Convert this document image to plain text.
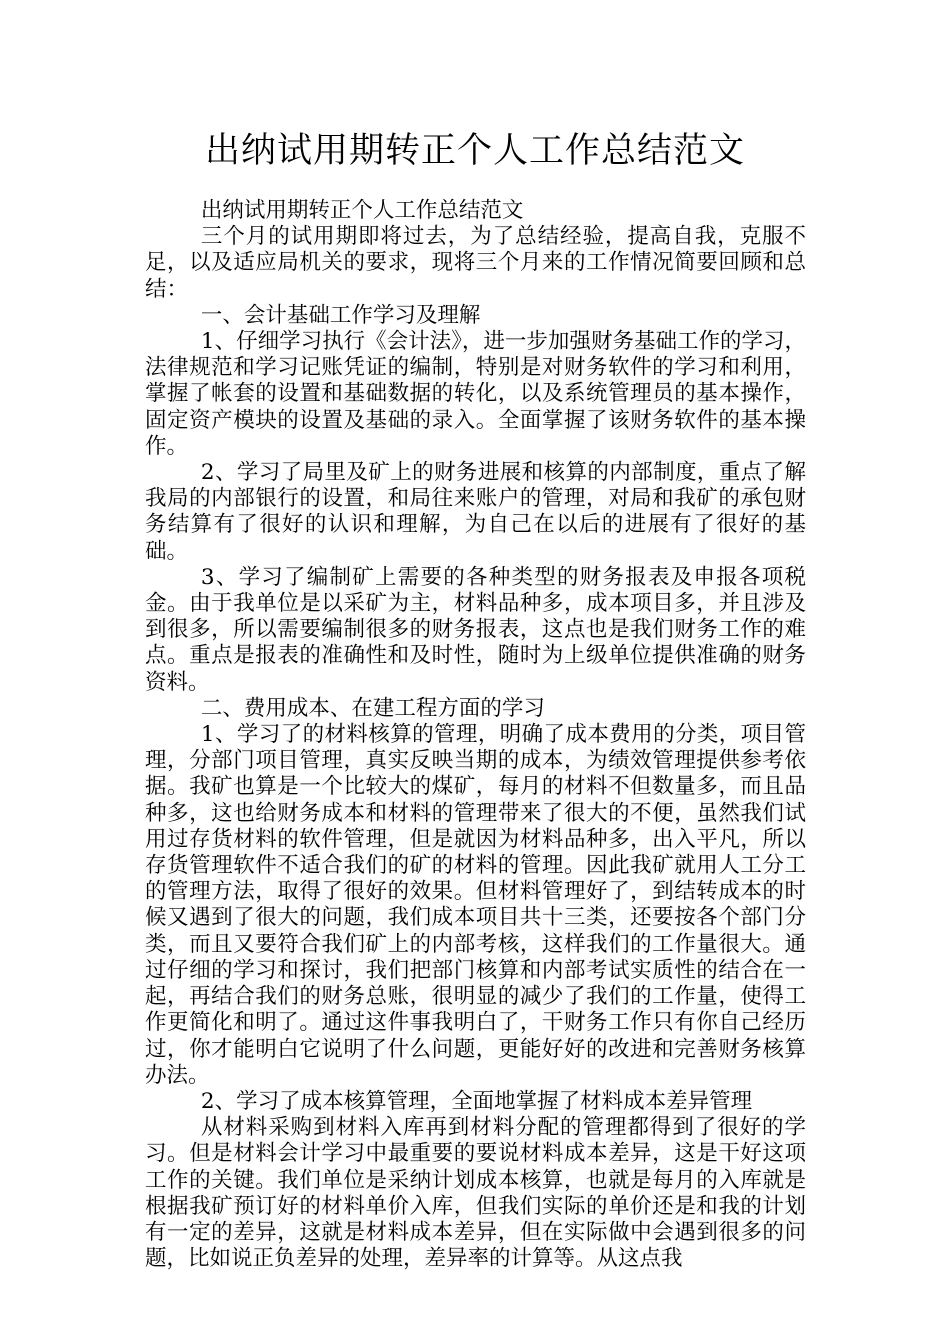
出纳试用期转正个人工作总结范文

出纳试用期转正个人工作总结范文

三个月的试用期即将过去，为了总结经验，提高自我，克服不足，以及适应局机关的要求，现将三个月来的工作情况简要回顾和总结：

一、会计基础工作学习及理解

1、仔细学习执行《会计法》，进一步加强财务基础工作的学习，法律规范和学习记账凭证的编制，特别是对财务软件的学习和利用，掌握了帐套的设置和基础数据的转化，以及系统管理员的基本操作，固定资产模块的设置及基础的录入。全面掌握了该财务软件的基本操作。

2、学习了局里及矿上的财务进展和核算的内部制度，重点了解我局的内部银行的设置，和局往来账户的管理，对局和我矿的承包财务结算有了很好的认识和理解，为自己在以后的进展有了很好的基础。

3、学习了编制矿上需要的各种类型的财务报表及申报各项税金。由于我单位是以采矿为主，材料品种多，成本项目多，并且涉及到很多，所以需要编制很多的财务报表，这点也是我们财务工作的难点。重点是报表的准确性和及时性，随时为上级单位提供准确的财务资料。

二、费用成本、在建工程方面的学习

1、学习了的材料核算的管理，明确了成本费用的分类，项目管理，分部门项目管理，真实反映当期的成本，为绩效管理提供参考依据。我矿也算是一个比较大的煤矿，每月的材料不但数量多，而且品种多，这也给财务成本和材料的管理带来了很大的不便，虽然我们试用过存货材料的软件管理，但是就因为材料品种多，出入平凡，所以存货管理软件不适合我们的矿的材料的管理。因此我矿就用人工分工的管理方法，取得了很好的效果。但材料管理好了，到结转成本的时候又遇到了很大的问题，我们成本项目共十三类，还要按各个部门分类，而且又要符合我们矿上的内部考核，这样我们的工作量很大。通过仔细的学习和探讨，我们把部门核算和内部考试实质性的结合在一起，再结合我们的财务总账，很明显的减少了我们的工作量，使得工作更简化和明了。通过这件事我明白了，干财务工作只有你自己经历过，你才能明白它说明了什么问题，更能好好的改进和完善财务核算办法。

2、学习了成本核算管理，全面地掌握了材料成本差异管理

从材料采购到材料入库再到材料分配的管理都得到了很好的学习。但是材料会计学习中最重要的要说材料成本差异，这是干好这项工作的关键。我们单位是采纳计划成本核算，也就是每月的入库就是根据我矿预订好的材料单价入库，但我们实际的单价还是和我的计划有一定的差异，这就是材料成本差异，但在实际做中会遇到很多的问题，比如说正负差异的处理，差异率的计算等。从这点我
